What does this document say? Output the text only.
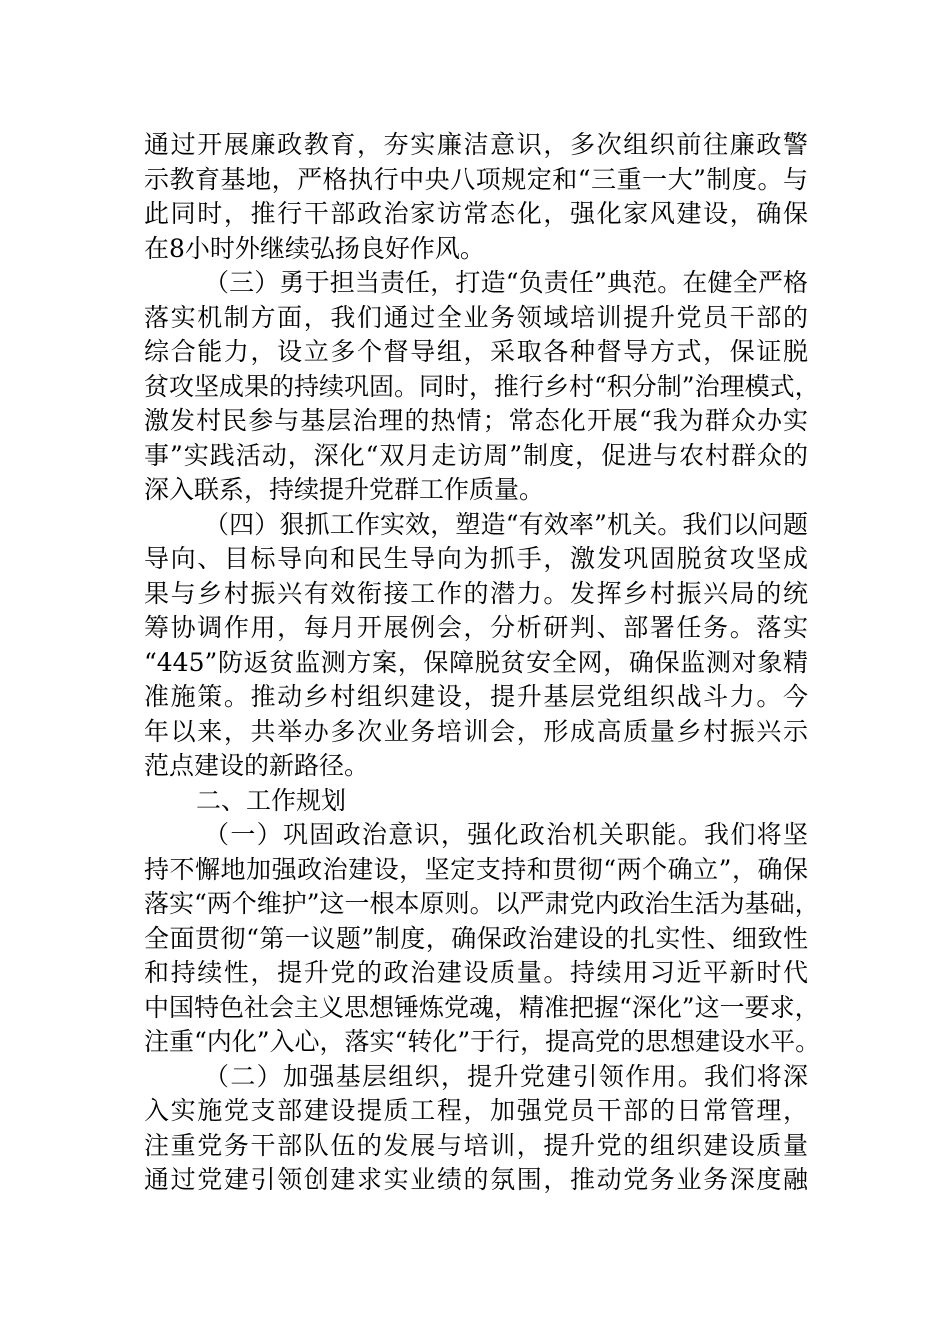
通过开展廉政教育，夯实廉洁意识，多次组织前往廉政警
示教育基地，严格执行中央八项规定和“三重一大”制度。与
此同时，推行干部政治家访常态化，强化家风建设，确保
在8小时外继续弘扬良好作风。
（三）勇于担当责任，打造“负责任”典范。在健全严格
落实机制方面，我们通过全业务领域培训提升党员干部的
综合能力，设立多个督导组，采取各种督导方式，保证脱
贫攻坚成果的持续巩固。同时，推行乡村“积分制”治理模式，
激发村民参与基层治理的热情；常态化开展“我为群众办实
事”实践活动，深化“双月走访周”制度，促进与农村群众的
深入联系，持续提升党群工作质量。
（四）狠抓工作实效，塑造“有效率”机关。我们以问题
导向、目标导向和民生导向为抓手，激发巩固脱贫攻坚成
果与乡村振兴有效衔接工作的潜力。发挥乡村振兴局的统
筹协调作用，每月开展例会，分析研判、部署任务。落实
“445”防返贫监测方案，保障脱贫安全网，确保监测对象精
准施策。推动乡村组织建设，提升基层党组织战斗力。今
年以来，共举办多次业务培训会，形成高质量乡村振兴示
范点建设的新路径。
二、工作规划
（一）巩固政治意识，强化政治机关职能。我们将坚
持不懈地加强政治建设，坚定支持和贯彻“两个确立”，确保
落实“两个维护”这一根本原则。以严肃党内政治生活为基础，
全面贯彻“第一议题”制度，确保政治建设的扎实性、细致性
和持续性，提升党的政治建设质量。持续用习近平新时代
中国特色社会主义思想锤炼党魂，精准把握“深化”这一要求，
注重“内化”入心，落实“转化”于行，提高党的思想建设水平。
（二）加强基层组织，提升党建引领作用。我们将深
入实施党支部建设提质工程，加强党员干部的日常管理，
注重党务干部队伍的发展与培训，提升党的组织建设质量
通过党建引领创建求实业绩的氛围，推动党务业务深度融
